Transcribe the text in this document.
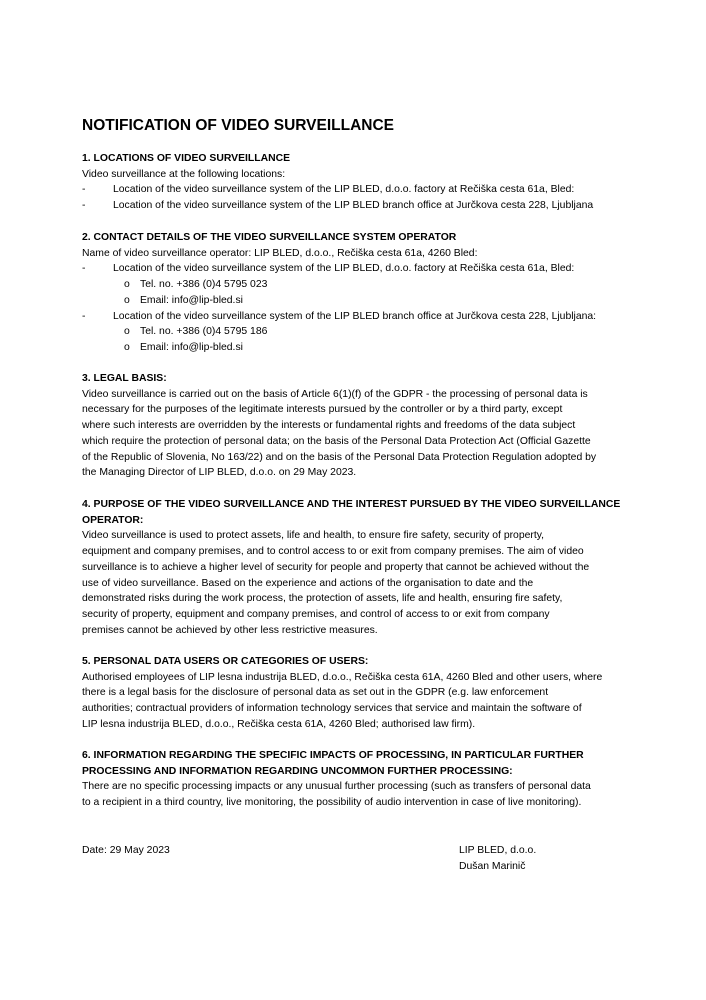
NOTIFICATION OF VIDEO SURVEILLANCE
1. LOCATIONS OF VIDEO SURVEILLANCE

Video surveillance at the following locations:

-	Location of the video surveillance system of the LIP BLED, d.o.o. factory at Rečiška cesta 61a, Bled:
-	Location of the video surveillance system of the LIP BLED branch office at Jurčkova cesta 228, Ljubljana
2. CONTACT DETAILS OF THE VIDEO SURVEILLANCE SYSTEM OPERATOR

Name of video surveillance operator: LIP BLED, d.o.o., Rečiška cesta 61a, 4260 Bled:

-	Location of the video surveillance system of the LIP BLED, d.o.o. factory at Rečiška cesta 61a, Bled:
o Tel. no. +386 (0)4 5795 023
o Email: info@lip-bled.si
-	Location of the video surveillance system of the LIP BLED branch office at Jurčkova cesta 228, Ljubljana:
o Tel. no. +386 (0)4 5795 186
o Email: info@lip-bled.si
3. LEGAL BASIS:

Video surveillance is carried out on the basis of Article 6(1)(f) of the GDPR - the processing of personal data is

necessary for the purposes of the legitimate interests pursued by the controller or by a third party, except

where such interests are overridden by the interests or fundamental rights and freedoms of the data subject

which require the protection of personal data; on the basis of the Personal Data Protection Act (Official Gazette

of the Republic of Slovenia, No 163/22) and on the basis of the Personal Data Protection Regulation adopted by

the Managing Director of LIP BLED, d.o.o. on 29 May 2023.

4. PURPOSE OF THE VIDEO SURVEILLANCE AND THE INTEREST PURSUED BY THE VIDEO SURVEILLANCE
OPERATOR:

Video surveillance is used to protect assets, life and health, to ensure fire safety, security of property,

equipment and company premises, and to control access to or exit from company premises. The aim of video

surveillance is to achieve a higher level of security for people and property that cannot be achieved without the

use of video surveillance. Based on the experience and actions of the organisation to date and the

demonstrated risks during the work process, the protection of assets, life and health, ensuring fire safety,

security of property, equipment and company premises, and control of access to or exit from company

premises cannot be achieved by other less restrictive measures.

5. PERSONAL DATA USERS OR CATEGORIES OF USERS:

Authorised employees of LIP lesna industrija BLED, d.o.o., Rečiška cesta 61A, 4260 Bled and other users, where

there is a legal basis for the disclosure of personal data as set out in the GDPR (e.g. law enforcement

authorities; contractual providers of information technology services that service and maintain the software of

LIP lesna industrija BLED, d.o.o., Rečiška cesta 61A, 4260 Bled; authorised law firm).

6. INFORMATION REGARDING THE SPECIFIC IMPACTS OF PROCESSING, IN PARTICULAR FURTHER
PROCESSING AND INFORMATION REGARDING UNCOMMON FURTHER PROCESSING:

There are no specific processing impacts or any unusual further processing (such as transfers of personal data

to a recipient in a third country, live monitoring, the possibility of audio intervention in case of live monitoring).

Date: 29 May 2023	LIP BLED, d.o.o.
Dušan Marinič
